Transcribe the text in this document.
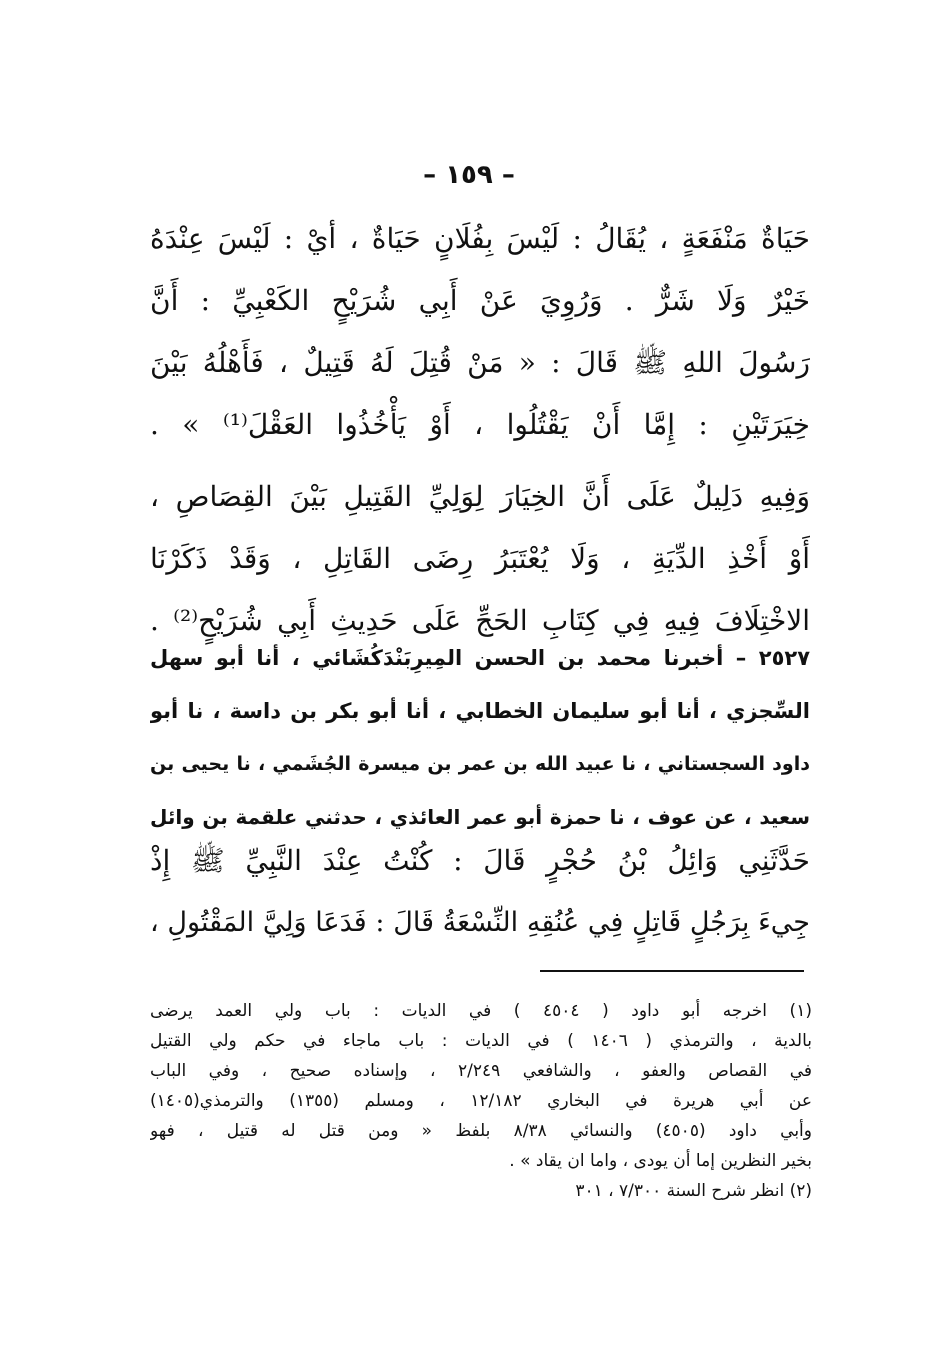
– ١٥٩ –
حَيَاةٌ مَنْفَعَةٍ ، يُقَالُ : لَيْسَ بِفُلَانٍ حَيَاةٌ ، أيْ : لَيْسَ عِنْدَهُ
خَيْرٌ وَلَا شَرٌّ . وَرُوِيَ عَنْ أَبِي شُرَيْحٍ الكَعْبِيِّ : أَنَّ
رَسُولَ اللهِ ﷺ قَالَ : « مَنْ قُتِلَ لَهُ قَتِيلٌ ، فَأَهْلُهُ بَيْنَ
خِيَرَتَيْنِ : إِمَّا أَنْ يَقْتُلُوا ، أَوْ يَأْخُذُوا العَقْلَ⁽¹⁾ » .
وَفِيهِ دَلِيلٌ عَلَى أَنَّ الخِيَارَ لِوَلِيِّ القَتِيلِ بَيْنَ القِصَاصِ ،
أَوْ أَخْذِ الدِّيَةِ ، وَلَا يُعْتَبَرُ رِضَى القَاتِلِ ، وَقَدْ ذَكَرْنَا
الاخْتِلَافَ فِيهِ فِي كِتَابِ الحَجِّ عَلَى حَدِيثِ أَبِي شُرَيْحٍ⁽²⁾ .
٢٥٢٧ – أخبرنا محمد بن الحسن المِيرِبَنْدَكُشَائي ، أنا أبو سهل
السِّجزي ، أنا أبو سليمان الخطابي ، أنا أبو بكر بن داسة ، نا أبو
داود السجستاني ، نا عبيد الله بن عمر بن ميسرة الجُشَمي ، نا يحيى بن
سعيد ، عن عوف ، نا حمزة أبو عمر العائذي ، حدثني علقمة بن وائل
حَدَّثَنِي وَائِلُ بْنُ حُجْرٍ قَالَ : كُنْتُ عِنْدَ النَّبِيِّ ﷺ إِذْ
جِيءَ بِرَجُلٍ قَاتِلٍ فِي عُنُقِهِ النِّسْعَةُ قَالَ : فَدَعَا وَلِيَّ المَقْتُولِ ،
(١) اخرجه أبو داود ( ٤٥٠٤ ) في الديات : باب ولي العمد يرضى
بالدية ، والترمذي ( ١٤٠٦ ) في الديات : باب ماجاء في حكم ولي القتيل
في القصاص والعفو ، والشافعي ٢/٢٤٩ ، وإسناده صحيح ، وفي الباب
عن أبي هريرة في البخاري ١٢/١٨٢ ، ومسلم (١٣٥٥) والترمذي(١٤٠٥)
وأبي داود (٤٥٠٥) والنسائي ٨/٣٨ بلفظ « ومن قتل له قتيل ، فهو
بخير النظرين إما أن يودى ، واما ان يقاد » .
(٢) انظر شرح السنة ٧/٣٠٠ ، ٣٠١
